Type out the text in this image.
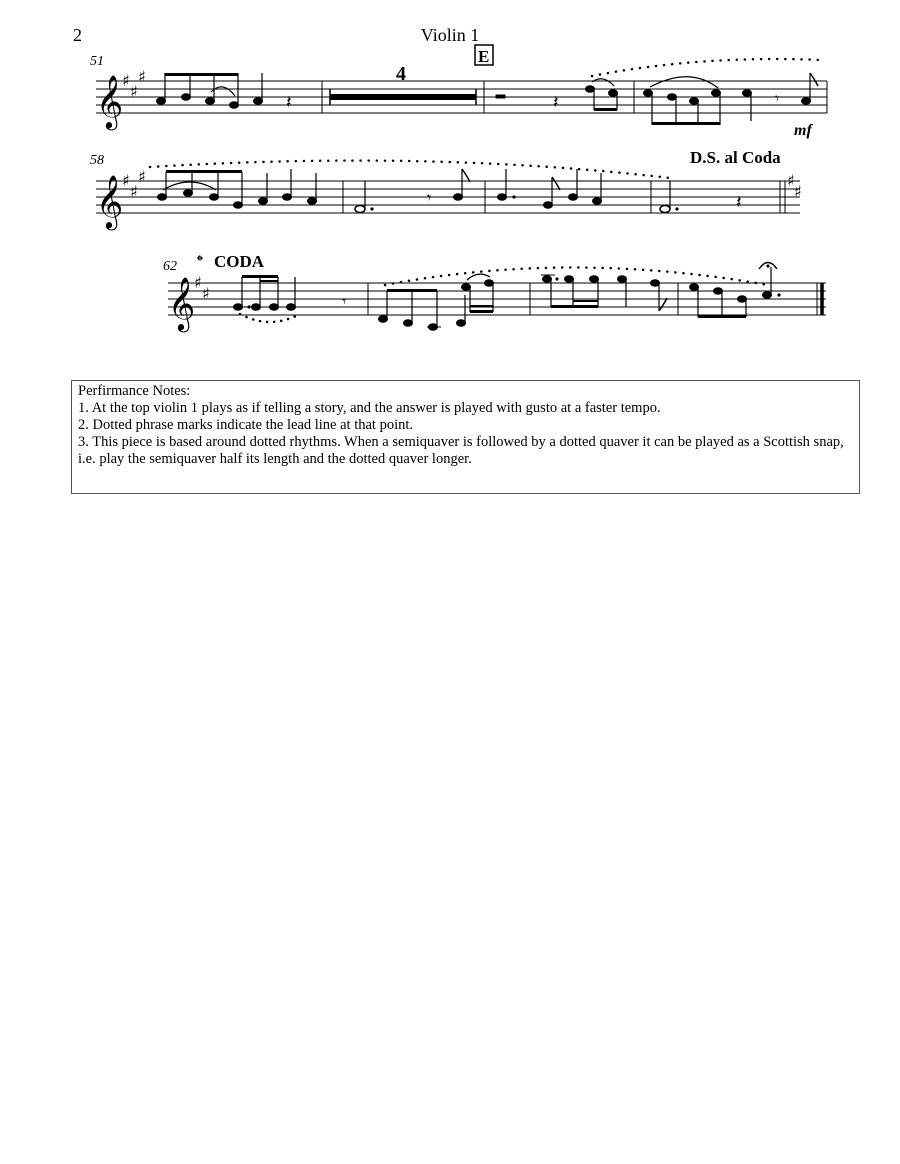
2	Violin 1
51
𝄞
♯
♯
♯
𝄽
4
E
𝄽	𝄾
mf
58	D.S. al Coda
𝄞
♯
♯
♯
𝄾	𝄽
♯
♯
62 𝄌 CODA
𝄞
♯
♯	𝄾
Perfirmance Notes:
1. At the top violin 1 plays as if telling a story, and the answer is played with gusto at a faster tempo.
2. Dotted phrase marks indicate the lead line at that point.
3. This piece is based around dotted rhythms. When a semiquaver is followed by a dotted quaver it can be played as a Scottish snap, i.e. play the semiquaver half its length and the dotted quaver longer.
